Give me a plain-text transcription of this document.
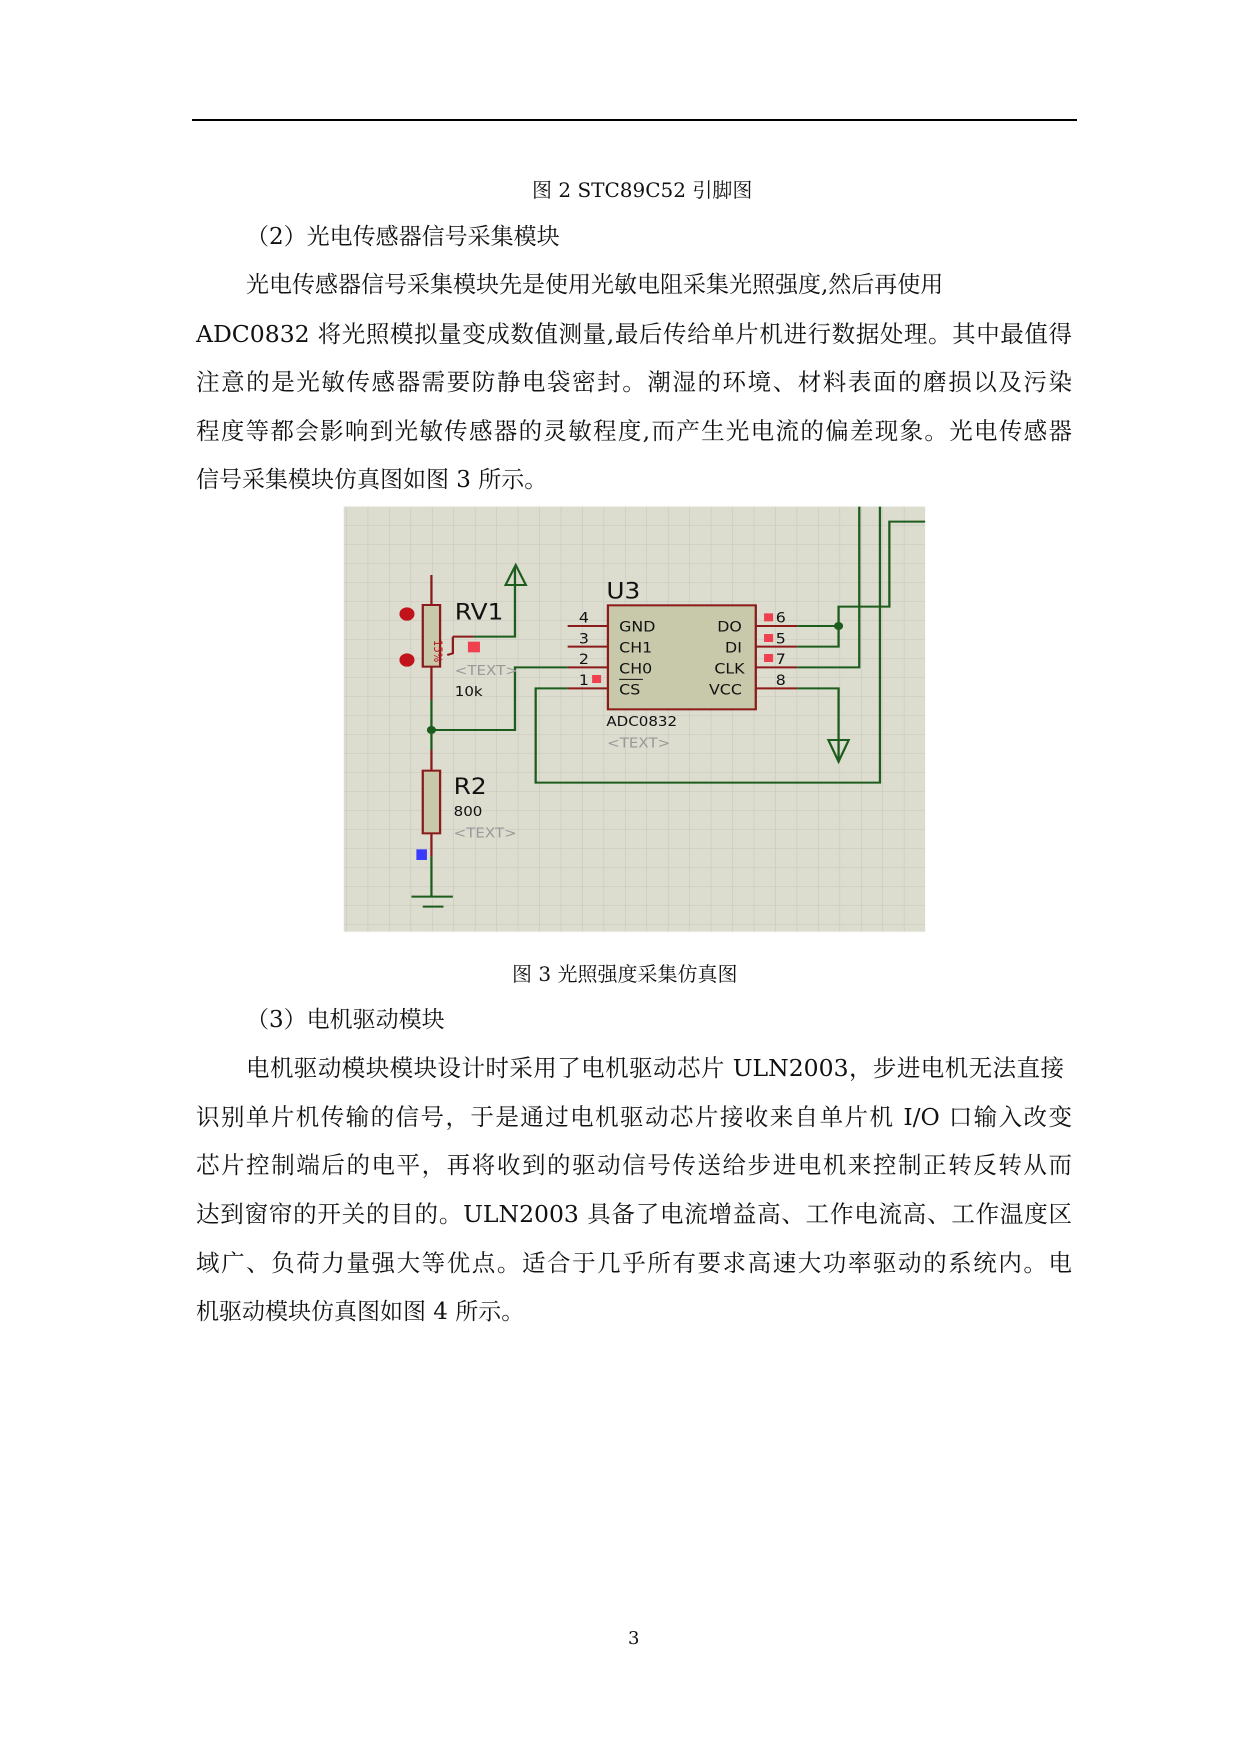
图 2 STC89C52 引脚图
（2）光电传感器信号采集模块
光电传感器信号采集模块先是使用光敏电阻采集光照强度,然后再使用
ADC0832 将光照模拟量变成数值测量,最后传给单片机进行数据处理。其中最值得
注意的是光敏传感器需要防静电袋密封。潮湿的环境、材料表面的磨损以及污染
程度等都会影响到光敏传感器的灵敏程度,而产生光电流的偏差现象。光电传感器
信号采集模块仿真图如图 3 所示。
15%
RV1
<TEXT>
10k
R2
800
<TEXT>
U3
ADC0832
<TEXT>
4
3
2
1
GND
CH1
CH0
CS
6
5
7
8
DO
DI
CLK
VCC
图 3 光照强度采集仿真图
（3）电机驱动模块
电机驱动模块模块设计时采用了电机驱动芯片 ULN2003，步进电机无法直接
识别单片机传输的信号，于是通过电机驱动芯片接收来自单片机 I/O 口输入改变
芯片控制端后的电平，再将收到的驱动信号传送给步进电机来控制正转反转从而
达到窗帘的开关的目的。ULN2003 具备了电流增益高、工作电流高、工作温度区
域广、负荷力量强大等优点。适合于几乎所有要求高速大功率驱动的系统内。电
机驱动模块仿真图如图 4 所示。
3
